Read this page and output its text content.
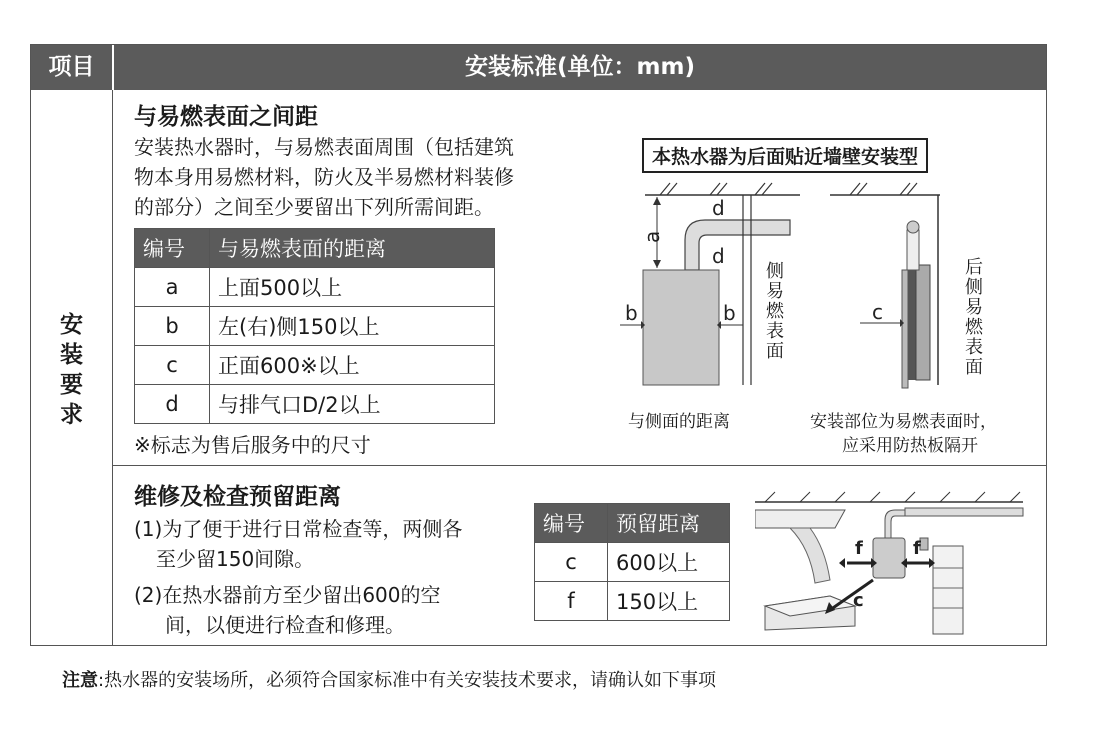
项目	安装标准(单位：mm)
安装要求
与易燃表面之间距
安装热水器时，与易燃表面周围（包括建筑
物本身用易燃材料，防火及半易燃材料装修
的部分）之间至少要留出下列所需间距。
编号	与易燃表面的距离
a	上面500以上
b	左(右)侧150以上
c	正面600※以上
d	与排气口D/2以上
※标志为售后服务中的尺寸
本热水器为后面贴近墙壁安装型
a
d
d
b	b
侧易燃表面
与侧面的距离
c
后侧易燃表面
安装部位为易燃表面时，
应采用防热板隔开
维修及检查预留距离
(1)为了便于进行日常检查等，两侧各
至少留150间隙。
(2)在热水器前方至少留出600的空
间，以便进行检查和修理。
编号	预留距离
c	600以上
f	150以上
f	f
c
注意:热水器的安装场所，必须符合国家标准中有关安装技术要求，请确认如下事项
